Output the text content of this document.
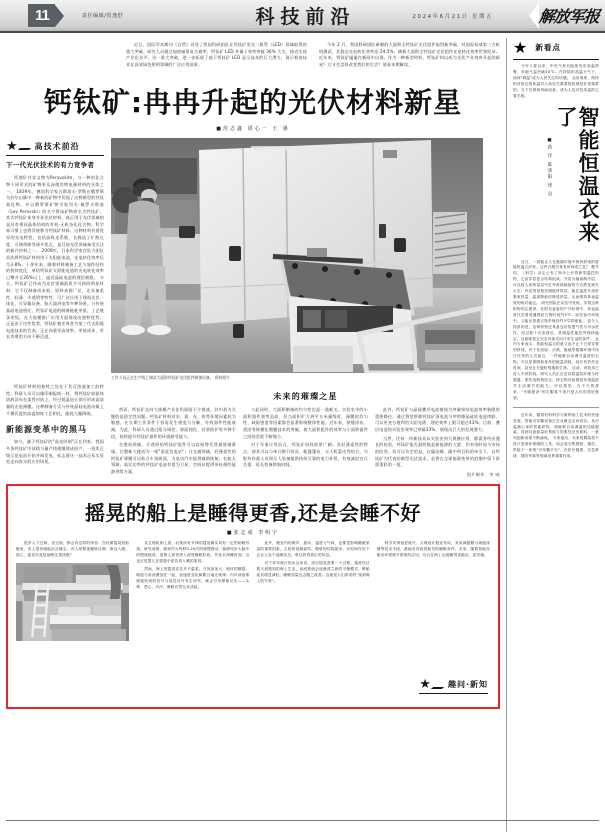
11	责任编辑/贺逸舒	科技前沿	2024年6月21日 星期五	解放军报

近日，国际学术期刊《自然》刊登了我国科研团队在钙钛矿发光二极管（LED）领域取得的重大突破。研究人员通过加热辐射复合通率，钙钛矿 LED 外量子效率突破 36% 大关，接近实现产业化水平。这一重大突破，进一步拓展了基于钙钛矿 LED 显示技术的巨大潜力，预示着该技术在高效绿色照明领域的广泛应用前景。

今年 2 月，我国科研团队研制的大面积全钙钛矿光伏组件取得新突破，经国际权威第三方机构测试，其稳态光电转化效率达 24.5%，刷新大面积全钙钛矿光伏组件光电转化效率世界纪录。 近年来，钙钛矿屡屡在新闻中出现。作为一种新型材料，钙钛矿何以成为光伏产业冉冉升起的新星？它又会怎样改变我们的生活？请看本期解读。

钙钛矿:冉冉升起的光伏材料新星
■范志鑫 谌心一 王 愚
★ 高技术前沿
下一代光伏技术的有力竞争者

所谓矿并非文物为Perovskite，与一种的化合物不同形式的矿物来及深使其物电量材料的光体之一。 1839年，德国科学家古斯塔夫·罗斯在俄罗斯乌拉尔山脉中一种新的矿物中发现了这种新型的钙钛氧化物，并以俄罗斯矿物学家列夫·佩罗夫斯基（Lev Perovski）的名字将该矿物命名为钙钛矿。 其实钙钛矿本身并非光伏材料，真正用于光伏领域的是具有相同晶体结构的有机-无机杂化化合物，科学界习惯上也将其统称为钙钛矿材料。这种材料有着优异的光电特性，包括高吸光系数、长载流子扩散长度、可调带隙等诸多优点，是目前光伏领域备受关注的新兴材料之一。 2009年，日本科学家宫坂力团队首次将钙钛矿材料用于太阳能电池，光电转化效率仅为3.8%。十余年来，随着材料制备工艺与器件结构的持续优化，单结钙钛矿太阳能电池的光电转化效率已攀升至26%以上，逼近晶硅电池的理论极限。 今天，钙钛矿已经成为光伏领域最炙手可热的明星材料。它不仅制备成本低、原料来源广泛，还具备柔性、轻薄、半透明等特性，可广泛应用于建筑光伏一体化、可穿戴设备、航天器供电等多种场景。与传统晶硅电池相比，钙钛矿电池的制备能耗更低、工艺链条更短，在大规模推广应用方面展现出独特优势。 正是由于这些优势，钙钛矿被业界誉为第三代太阳能电池技术的代表，正在向着更高效率、更低成本、更长寿命的方向不断迈进。

工作人员正在生产线上调试大面积钙钛矿光伏组件制备设备。 资料照片

钙钛矿材料的独特之处在于其可溶液加工的特性。科研人员可以像印刷报纸一样，将钙钛矿前驱体溶液涂布在柔性衬底上，经过低温退火即可形成高质量的光电薄膜。这种制备方式与传统晶硅电池动辄上千摄氏度的高温熔炼工艺相比，能耗大幅降低。

新能源变革中的黑马

如今，属于钙钛矿的"高光时刻"正在到来。我国多条钙钛矿中试线与量产线相继建成投产，一批兆瓦级示范电站开始并网发电，标志着这一技术正从实验室走向真实的应用场景。

未来的璀璨之星

然而，钙钛矿走向大规模产业化仍面临不少挑战。其中最为关键的是稳定性问题。钙钛矿材料对水、氧、光、热等环境因素较为敏感，在长期工作条件下容易发生相变与分解，导致器件性能衰减。为此，科研人员通过组分调控、界面钝化、封装防护等多种手段，持续提升钙钛矿器件的环境耐受能力。

在建筑领域，半透明的钙钛矿组件可以直接替代普通玻璃幕墙，让整栋大楼成为一座"垂直发电站"；在交通领域，轻薄柔性的钙钛矿薄膜可以贴合车顶曲面，为电动汽车提供辅助续航；在航天领域，高比功率的钙钛矿电池有望为卫星、空间站提供更轻便的能源供给方案。

与此同时，大面积制备的均匀性也是一道难关。实验室中的小面积器件效率虽高，但当面积扩大到平方米量级时，薄膜的均匀性、缺陷密度等因素都会显著影响整体性能。近年来，狭缝涂布、刮涂等规模化镀膜技术的突破，使大面积组件的效率与小面积器件之间的差距不断缩小。

对于军事应用而言，钙钛矿同样前景广阔。其轻薄柔性的特点，使其可以与单兵携行装具、帐篷篷布、无人机蒙皮等结合，为野外作战人员和无人装备提供持续可靠的电力补给，有效减轻官兵负重、延长装备续航时间。

此外，钙钛矿与晶硅叠层电池被视为突破单结电池效率极限的重要路径。通过将宽带隙钙钛矿顶电池与窄带隙晶硅底电池串联，可以更充分地利用太阳光谱，理论效率上限可超过43%。目前，叠层电池的实验室效率已突破33%，展现出巨大的发展潜力。

当然，任何一项新技术从实验室到大规模应用，都需要经历漫长的检验。钙钛矿能否最终挑起新能源的大梁，仍有待时间与市场的回答。但可以肯定的是，在碳达峰、碳中和目标的牵引下，以钙钛矿为代表的新型光伏技术，必将在全球能源变革的浪潮中留下浓墨重彩的一笔。

图片制作：李 响
摇晃的船上是睡得更香,还是会睡不好
■张志成 李明宇

很多人下过海、坐过船，都会有这样的体验：在轻微摇晃的船舱里，有人很快就能沉沉睡去，有人却整夜辗转反侧、难以入眠。那么，摇晃究竟是助眠还是扰眠？

从生理机制上看，轻柔而有节律的摇晃确实具有一定的助眠效果。研究表明，频率约为每秒0.25次的缓慢摆动，能够同步大脑中的慢波振荡，促使人更快进入深度睡眠阶段，并延长深睡时间。这也正是婴儿在摇篮中更容易入睡的原因。

然而，海上的摇晃往往并不温柔。当风浪加大，船体的横摇、纵摇与垂荡叠加在一起，加速度变化频繁且毫无规律，内耳前庭系统接收到的信号与视觉信号发生冲突，就会引发晕船反应——头晕、恶心、冷汗，睡眠自然无从谈起。

此外，舱室内的噪声、振动、温度与气味，也都是影响睡眠质量的重要因素。主机的低频轰鸣、舱壁的结构振动，长时间作用下会让人处于浅睡状态，难以获得真正的休息。

对于常年航行的水兵来说，适应摇晃需要一个过程。通常经过数天到数周的海上生活，前庭系统会逐渐建立新的平衡模式，晕船症状明显减轻，睡眠质量也会随之改善。这就是人们常说的"找到海上的节奏"。

科学安排值更班次、合理设计舱室布局、采用减摇鳍与减振床铺等技术手段，都能有效改善船员的睡眠条件。未来，随着智能化舱室环境调节系统的应用，官兵在海上也能睡得更踏实、更安稳。

★ 趣问·新知
★ 新看点

今年入夏以来，中央气象台陆续发布高温预警，多地气温突破40℃。在持续的高温天气下，如何"降温"成为人民关注的话题。 众所周知，保持相对恒定的体温对人体至关重要的机理是非常重要的，当下空调和风扇设备，成为人们对抗高温的主要手段。

■蒋 洋 陈骄阳 徐 昊	智能恒温衣来了

近日，一款能让人在极端环境中保持舒适的智能恒温衣问世。这件衣服究竟有何神奇之处？ 据介绍，《科学》杂志公布了尚未公开的新型温控织物，它由多层复合结构组成。外层为辐射制冷层，可以将人体热量以中红外波段辐射的方式散发到外太空；内层则是相变储能材料层，能在温度升高时吸收热量、温度降低时释放热量，从而维持体表温度的相对稳定。 研究团队在实验中发现，穿着这种织物的志愿者，在阳光直射的户外环境中，体表温度比穿着普通棉质衣物时低约5℃；而在寒冷环境中，又能比普通衣物多保持约3℃的暖意。 更令人惊喜的是，这种织物还具备良好的透气性与可水洗性，经过数十次洗涤后，其调温性能依然保持稳定。这意味着它完全具备走向日常生活的条件。 业内专家表示，智能恒温衣的意义远不止于日常穿着的舒适。对于在高原、沙漠、极地等极端环境中执行任务的人员而言，一件能够自动调节温度的衣物，可以显著降低身体的能量消耗，延长有效作业时间，甚至在关键时刻挽救生命。 目前，该技术已进入中试阶段。研究人员正在尝试将温控纤维与传感器、柔性电路相结合，使衣物具备感知环境温度并主动调节的能力。可以预见，在不久的将来，"冬暖夏凉"的衣服将不再只是人们的美好愿望。

近年来，随着材料科学与微纳加工技术的快速发展，智能可穿戴设备正在从概念走向现实。从可监测心率的智能织物，到能够自动调温的功能服装，再到具备能量收集能力的柔性光伏面料，一系列创新成果不断涌现。 专家指出，未来的服装将不再只是遮体保暖的工具，而会成为集感知、通信、供能于一体的"可穿戴平台"，在医疗健康、应急救援、国防军事等领域发挥重要作用。
